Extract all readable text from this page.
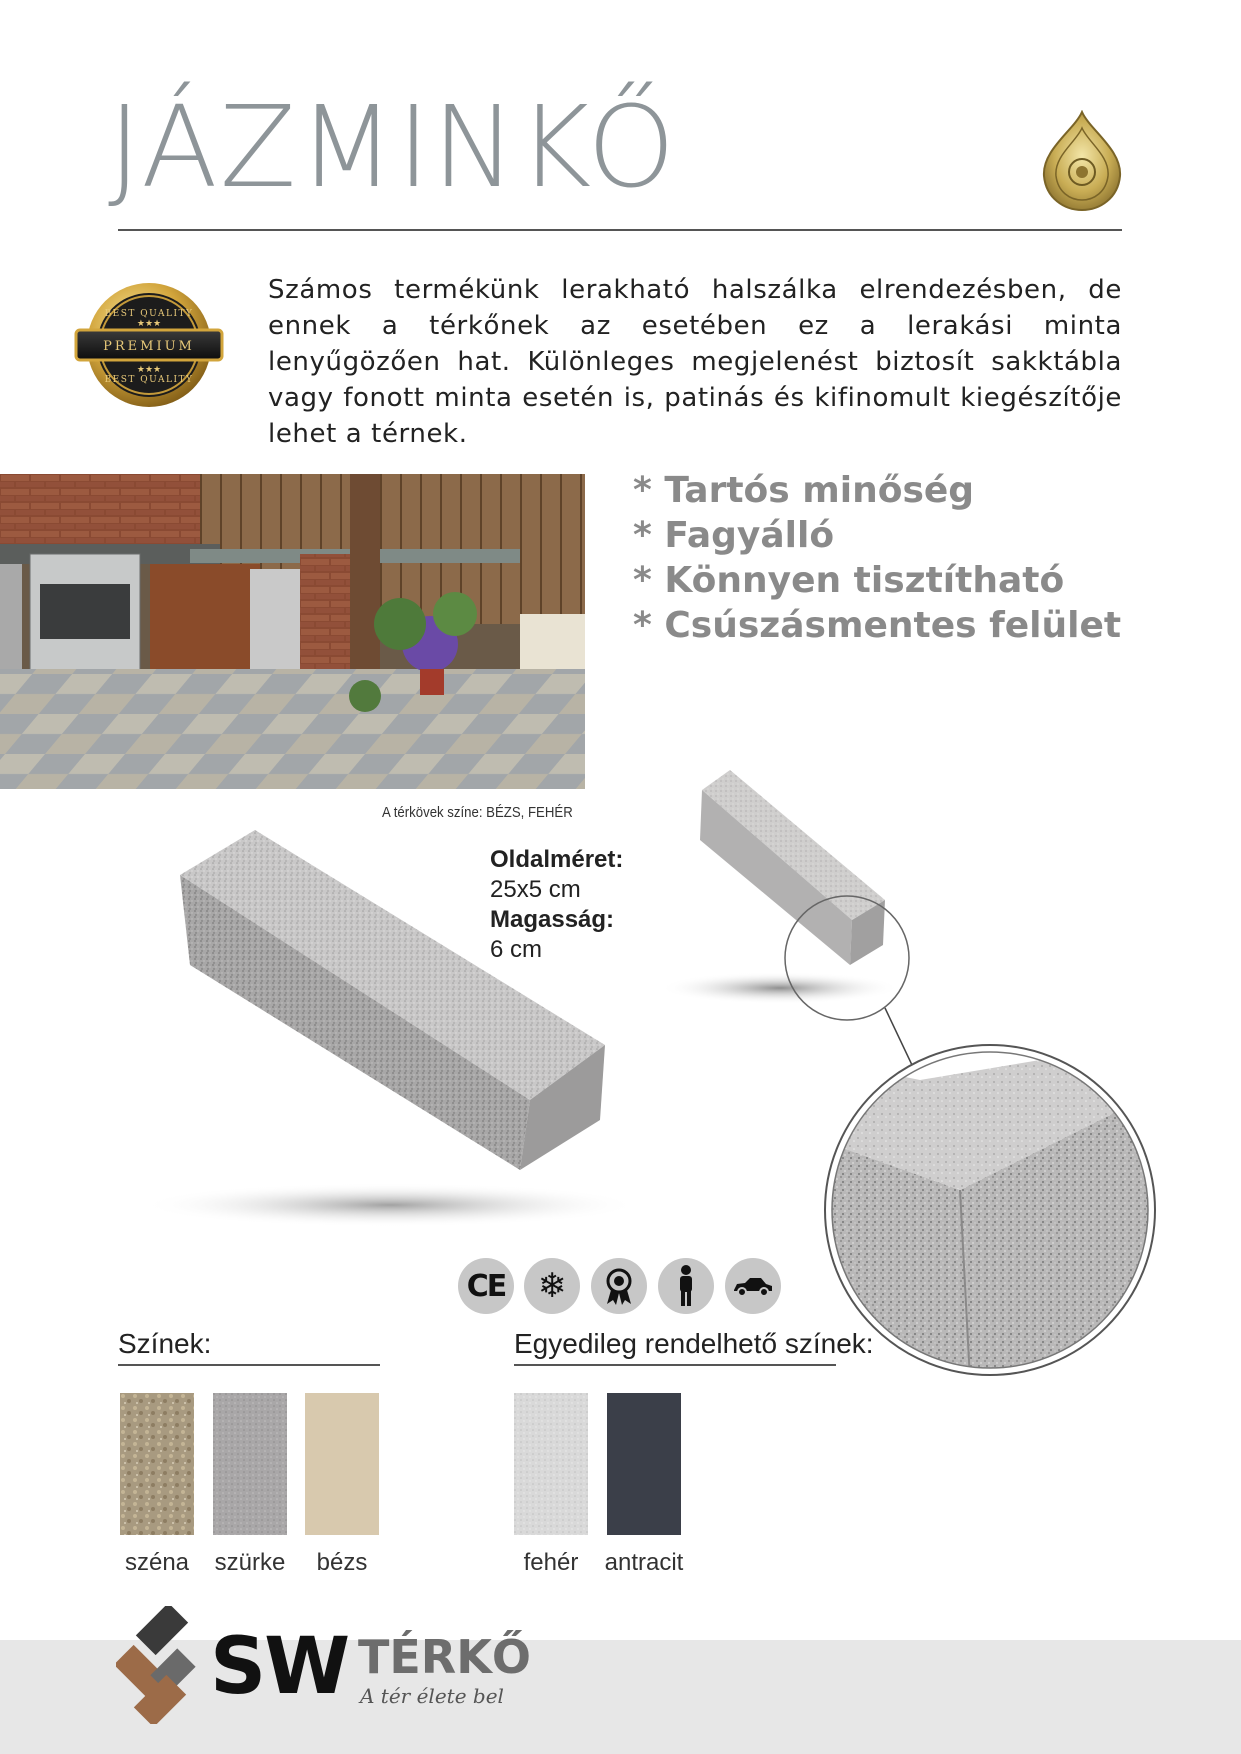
JÁZMINKŐ
PREMIUM
BEST QUALITY
BEST QUALITY
★★★
★★★
Számos termékünk lerakható halszálka elrendezésben, de ennek a térkőnek az esetében ez a lerakási minta lenyűgözően hat. Különleges megjelenést biztosít sakktábla vagy fonott minta esetén is, patinás és kifinomult kiegészítője lehet a térnek.
A térkövek színe: BÉZS, FEHÉR
* Tartós minőség
* Fagyálló
* Könnyen tisztítható
* Csúszásmentes felület
Oldalméret:
25x5 cm
Magasság:
6 cm
CE ❄
Színek:	Egyedileg rendelhető színek:
széna	szürke	bézs	fehér	antracit
SW TÉRKŐ
A tér élete bel
